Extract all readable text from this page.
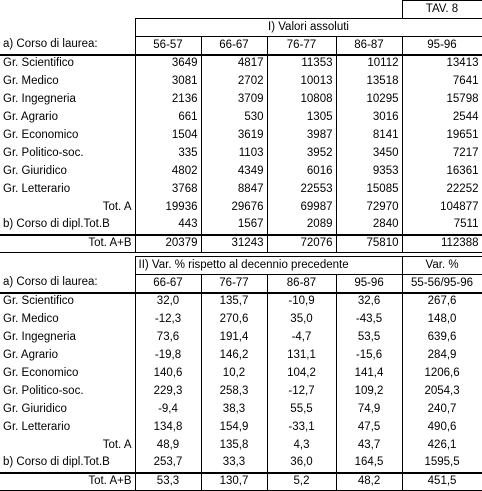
					TAV. 8
	I) Valori assoluti				
a) Corso di laurea:	56-57	66-67	76-77	86-87	95-96
Gr. Scientifico	3649	4817	11353	10112	13413
Gr. Medico	3081	2702	10013	13518	7641
Gr. Ingegneria	2136	3709	10808	10295	15798
Gr. Agrario	661	530	1305	3016	2544
Gr. Economico	1504	3619	3987	8141	19651
Gr. Politico-soc.	335	1103	3952	3450	7217
Gr. Giuridico	4802	4349	6016	9353	16361
Gr. Letterario	3768	8847	22553	15085	22252
Tot. A	19936	29676	69987	72970	104877
b) Corso di dipl.Tot.B	443	1567	2089	2840	7511
Tot. A+B	20379	31243	72076	75810	112388
	II) Var. % rispetto al decennio precedente				Var. %
a) Corso di laurea:	66-67	76-77	86-87	95-96	55-56/95-96
Gr. Scientifico	32,0	135,7	-10,9	32,6	267,6
Gr. Medico	-12,3	270,6	35,0	-43,5	148,0
Gr. Ingegneria	73,6	191,4	-4,7	53,5	639,6
Gr. Agrario	-19,8	146,2	131,1	-15,6	284,9
Gr. Economico	140,6	10,2	104,2	141,4	1206,6
Gr. Politico-soc.	229,3	258,3	-12,7	109,2	2054,3
Gr. Giuridico	-9,4	38,3	55,5	74,9	240,7
Gr. Letterario	134,8	154,9	-33,1	47,5	490,6
Tot. A	48,9	135,8	4,3	43,7	426,1
b) Corso di dipl.Tot.B	253,7	33,3	36,0	164,5	1595,5
Tot. A+B	53,3	130,7	5,2	48,2	451,5
